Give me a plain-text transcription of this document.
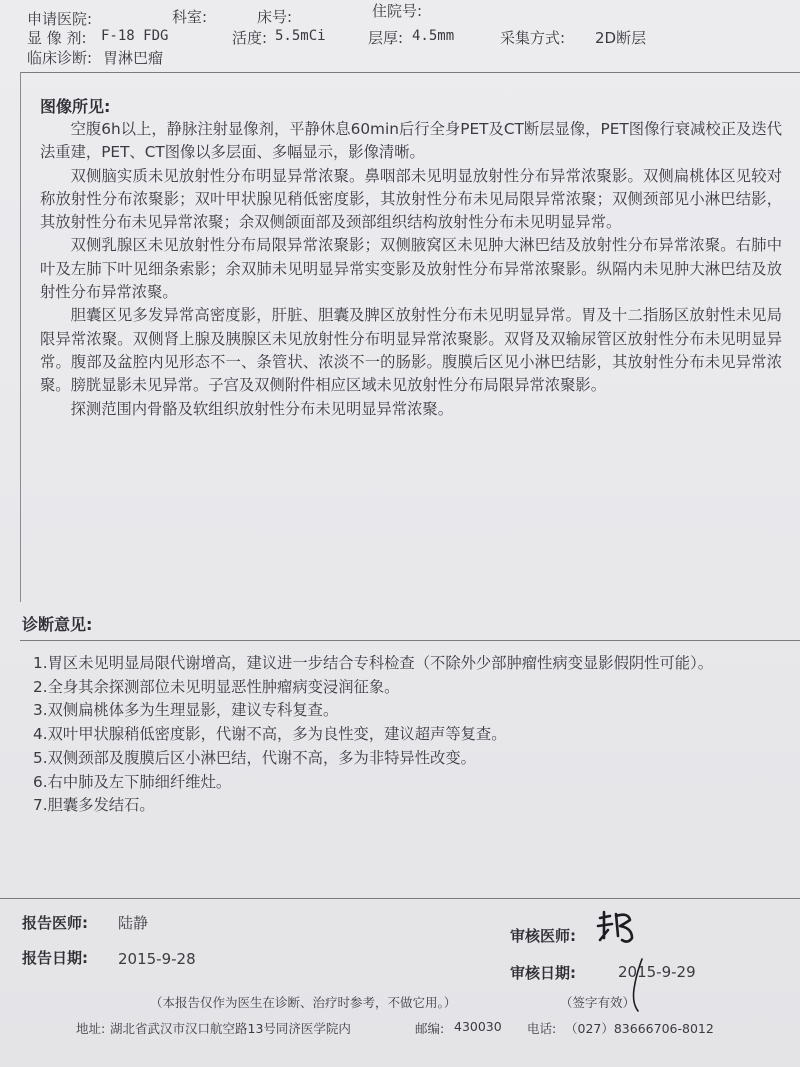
申请医院:	科室:	床号:	住院号:
显 像 剂: F-18 FDG	活度: 5.5mCi	层厚: 4.5mm	采集方式: 2D断层
临床诊断: 胃淋巴瘤
图像所见:

空腹6h以上，静脉注射显像剂，平静休息60min后行全身PET及CT断层显像，PET图像行衰减校正及迭代法重建，PET、CT图像以多层面、多幅显示，影像清晰。

双侧脑实质未见放射性分布明显异常浓聚。鼻咽部未见明显放射性分布异常浓聚影。双侧扁桃体区见较对称放射性分布浓聚影；双叶甲状腺见稍低密度影，其放射性分布未见局限异常浓聚；双侧颈部见小淋巴结影，其放射性分布未见异常浓聚；余双侧颌面部及颈部组织结构放射性分布未见明显异常。

双侧乳腺区未见放射性分布局限异常浓聚影；双侧腋窝区未见肿大淋巴结及放射性分布异常浓聚。右肺中叶及左肺下叶见细条索影；余双肺未见明显异常实变影及放射性分布异常浓聚影。纵隔内未见肿大淋巴结及放射性分布异常浓聚。

胆囊区见多发异常高密度影，肝脏、胆囊及脾区放射性分布未见明显异常。胃及十二指肠区放射性未见局限异常浓聚。双侧肾上腺及胰腺区未见放射性分布明显异常浓聚影。双肾及双输尿管区放射性分布未见明显异常。腹部及盆腔内见形态不一、条管状、浓淡不一的肠影。腹膜后区见小淋巴结影，其放射性分布未见异常浓聚。膀胱显影未见异常。子宫及双侧附件相应区域未见放射性分布局限异常浓聚影。

探测范围内骨骼及软组织放射性分布未见明显异常浓聚。

诊断意见:
1.胃区未见明显局限代谢增高，建议进一步结合专科检查（不除外少部肿瘤性病变显影假阴性可能）。
2.全身其余探测部位未见明显恶性肿瘤病变浸润征象。
3.双侧扁桃体多为生理显影，建议专科复查。
4.双叶甲状腺稍低密度影，代谢不高，多为良性变，建议超声等复查。
5.双侧颈部及腹膜后区小淋巴结，代谢不高，多为非特异性改变。
6.右中肺及左下肺细纤维灶。
7.胆囊多发结石。
报告医师: 陆静
审核医师:
报告日期: 2015-9-28
审核日期:	2015-9-29
（本报告仅作为医生在诊断、治疗时参考，不做它用。）	（签字有效）
地址: 湖北省武汉市汉口航空路13号同济医学院内	邮编: 430030 电话: （027）83666706-8012
